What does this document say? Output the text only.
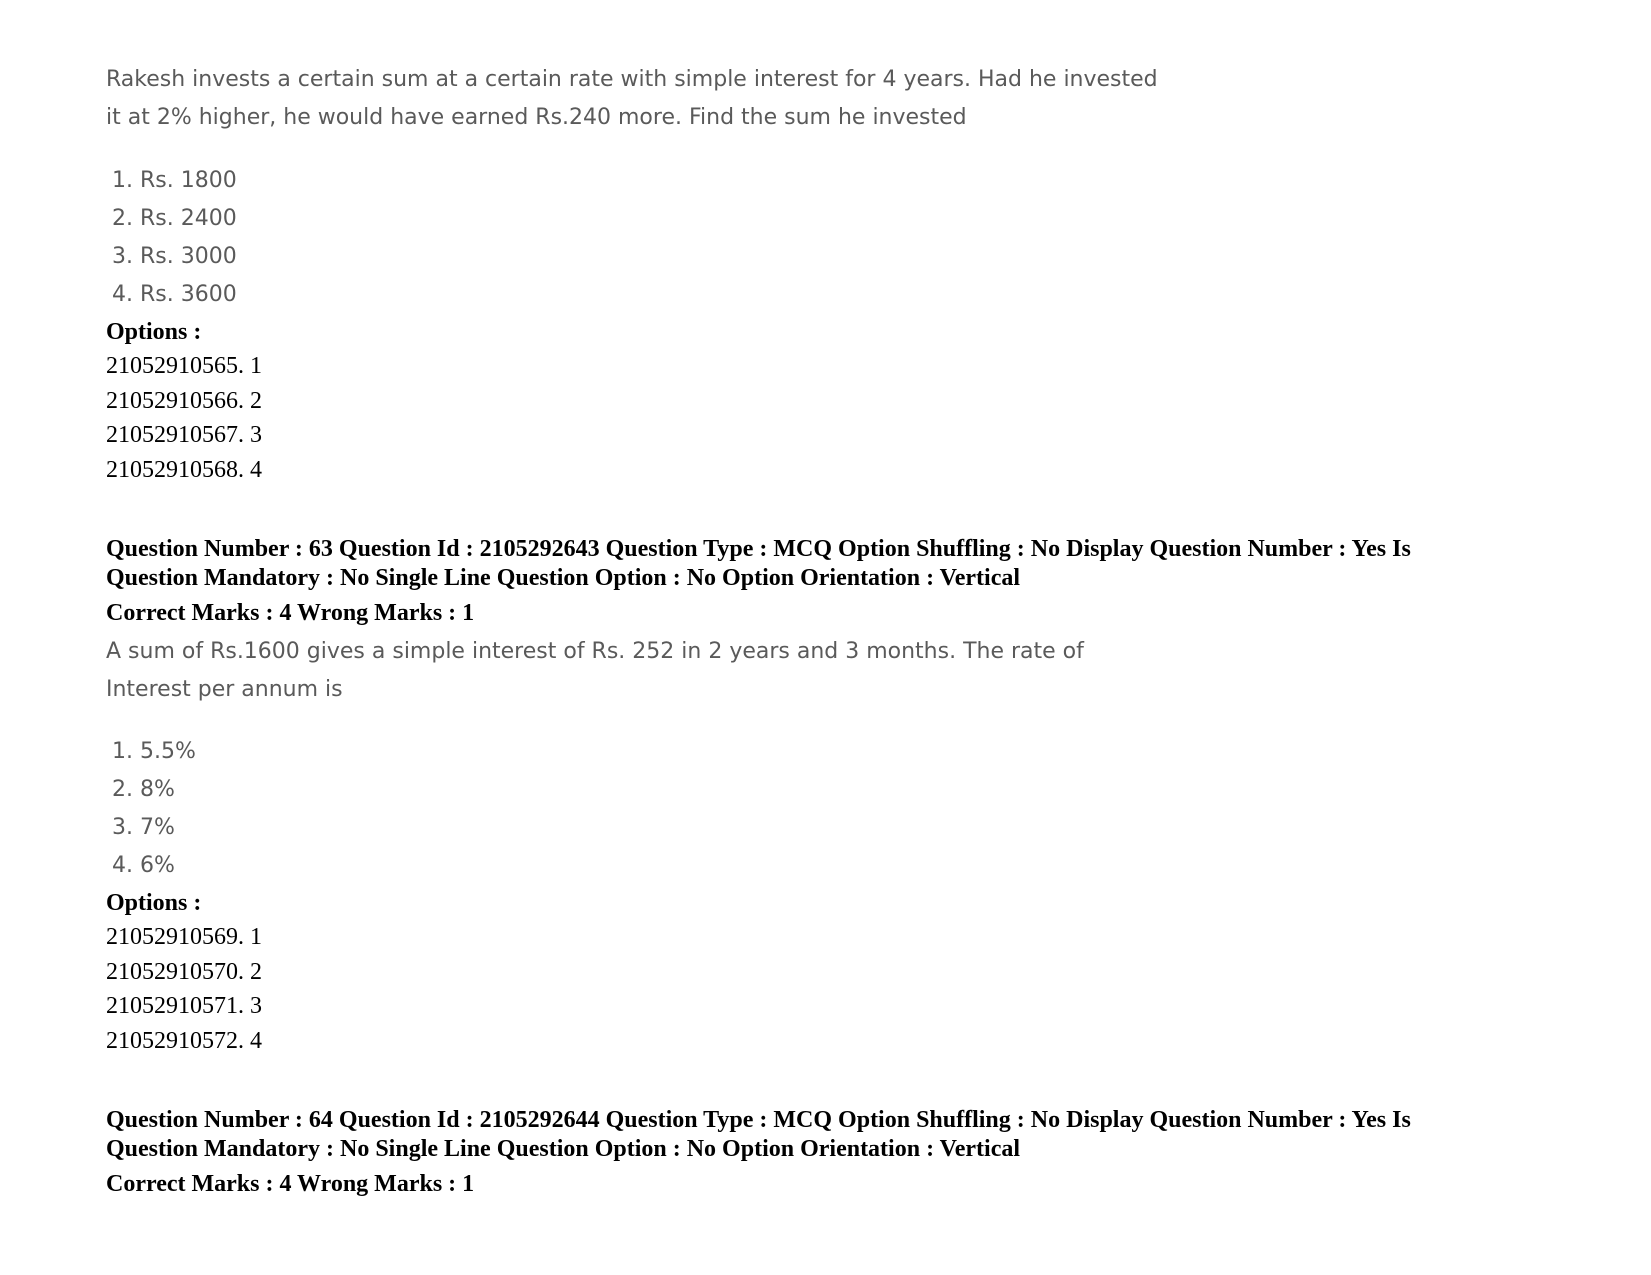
Rakesh invests a certain sum at a certain rate with simple interest for 4 years. Had he invested
it at 2% higher, he would have earned Rs.240 more. Find the sum he invested
1. Rs. 1800
2. Rs. 2400
3. Rs. 3000
4. Rs. 3600
Options :
21052910565. 1
21052910566. 2
21052910567. 3
21052910568. 4
Question Number : 63 Question Id : 2105292643 Question Type : MCQ Option Shuffling : No Display Question Number : Yes Is
Question Mandatory : No Single Line Question Option : No Option Orientation : Vertical
Correct Marks : 4 Wrong Marks : 1
A sum of Rs.1600 gives a simple interest of Rs. 252 in 2 years and 3 months. The rate of
Interest per annum is
1. 5.5%
2. 8%
3. 7%
4. 6%
Options :
21052910569. 1
21052910570. 2
21052910571. 3
21052910572. 4
Question Number : 64 Question Id : 2105292644 Question Type : MCQ Option Shuffling : No Display Question Number : Yes Is
Question Mandatory : No Single Line Question Option : No Option Orientation : Vertical
Correct Marks : 4 Wrong Marks : 1
